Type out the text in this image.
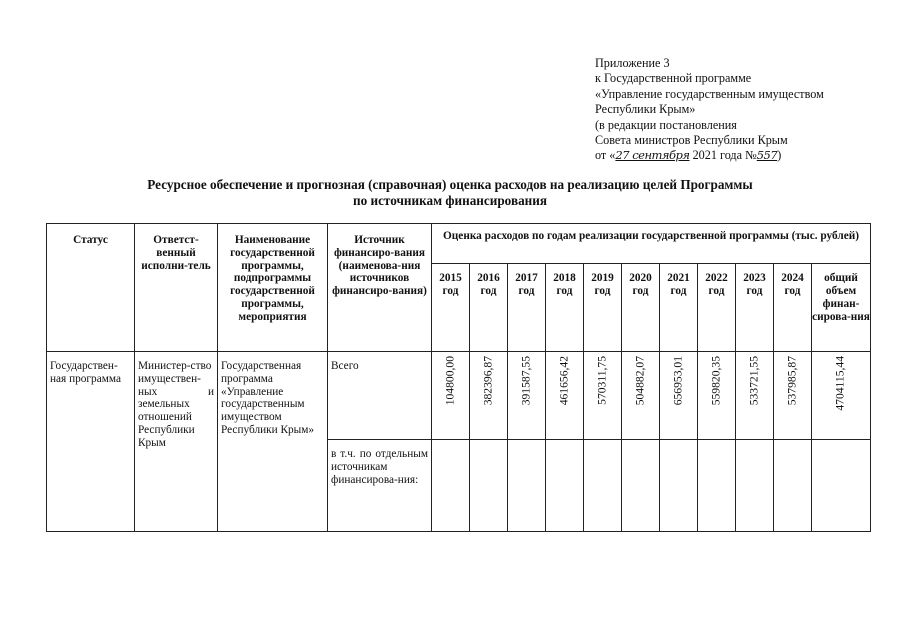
Приложение 3
к Государственной программе
«Управление государственным имуществом
Республики Крым»
(в редакции постановления
Совета министров Республики Крым
от «27 сентября 2021 года №557)
Ресурсное обеспечение и прогнозная (справочная) оценка расходов на реализацию целей Программы
по источникам финансирования
Статус	Ответст-венный исполни-тель	Наименование государственной программы, подпрограммы государственной программы, мероприятия	Источник финансиро-вания (наименова-ния источников финансиро-вания)	Оценка расходов по годам реализации государственной программы (тыс. рублей)										
				2015 год	2016 год	2017 год	2018 год	2019 год	2020 год	2021 год	2022 год	2023 год	2024 год	общий объем финан-сирова-ния
Государствен-ная программа	Министер-ство имуществен-ных и земельных отношений Республики Крым	Государственная программа «Управление государственным имуществом Республики Крым»	Всего	104800,00	382396,87	391587,55	461656,42	570311,75	504882,07	656953,01	559820,35	533721,55	537985,87	4704115,44

			в т.ч. по отдельным источникам финансирова-ния:											
